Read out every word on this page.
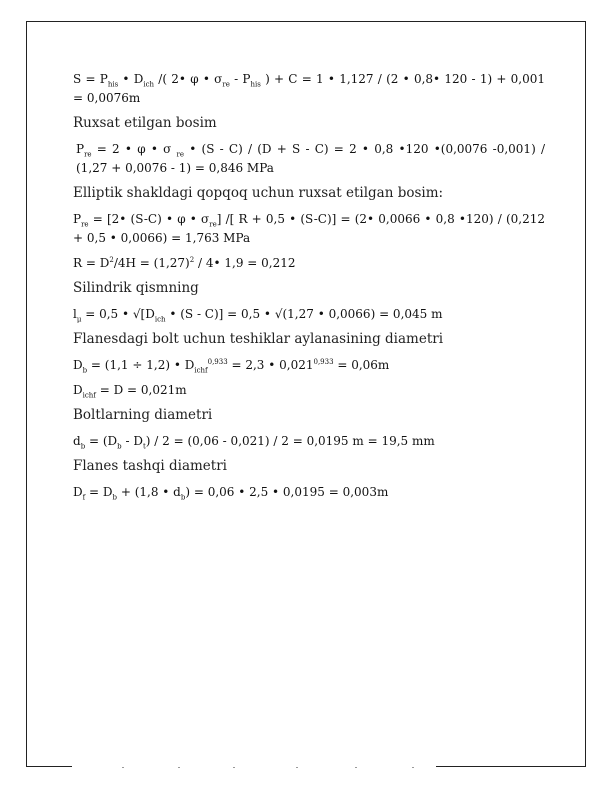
$S = P_{his}$ • $D_{ich}$ /( 2• φ • $\sigma_{re} - P_{his}$ ) + C = 1 • 1,127 / (2 • 0,8• 120 - 1) + 0,001 = 0,0076m

Ruxsat etilgan bosim

$P_{re} = 2$ • φ • σ $_{re}$ • (S - C) / (D + S - C) = 2 • 0,8 •120 •(0,0076 -0,001) / (1,27 + 0,0076 - 1) = 0,846 MPa

Elliptik shakldagi qopqoq uchun ruxsat etilgan bosim:

$P_{re}$ = [2• (S-C) • φ • $\sigma_{re}$] /[ R + 0,5 • (S-C)] = (2• 0,0066 • 0,8 •120) / (0,212 + 0,5 • 0,0066) = 1,763 MPa

$R = D^2/4H = (1,27)^2$ / 4• 1,9 = 0,212

Silindrik qismning

$l_\mu = 0,5$ • $√[D_{ich}$ • (S - C)] = 0,5 • √(1,27 • 0,0066) = 0,045 m

Flanesdagi bolt uchun teshiklar aylanasining diametri

$D_b = (1,1 \div 1,2)$ • $D_{ichf}^{0,933} = 2,3$ • $0,021^{0,933} = 0,06m$

$D_{ichf} = D = 0,021m$

Boltlarning diametri

$d_b = (D_b - D_t) / 2 = (0,06 - 0,021) / 2 = 0,0195$ m = 19,5 mm

Flanes tashqi diametri

$D_f = D_b + (1,8$ • $d_b) = 0,06$ • 2,5 • 0,0195 = 0,003m
